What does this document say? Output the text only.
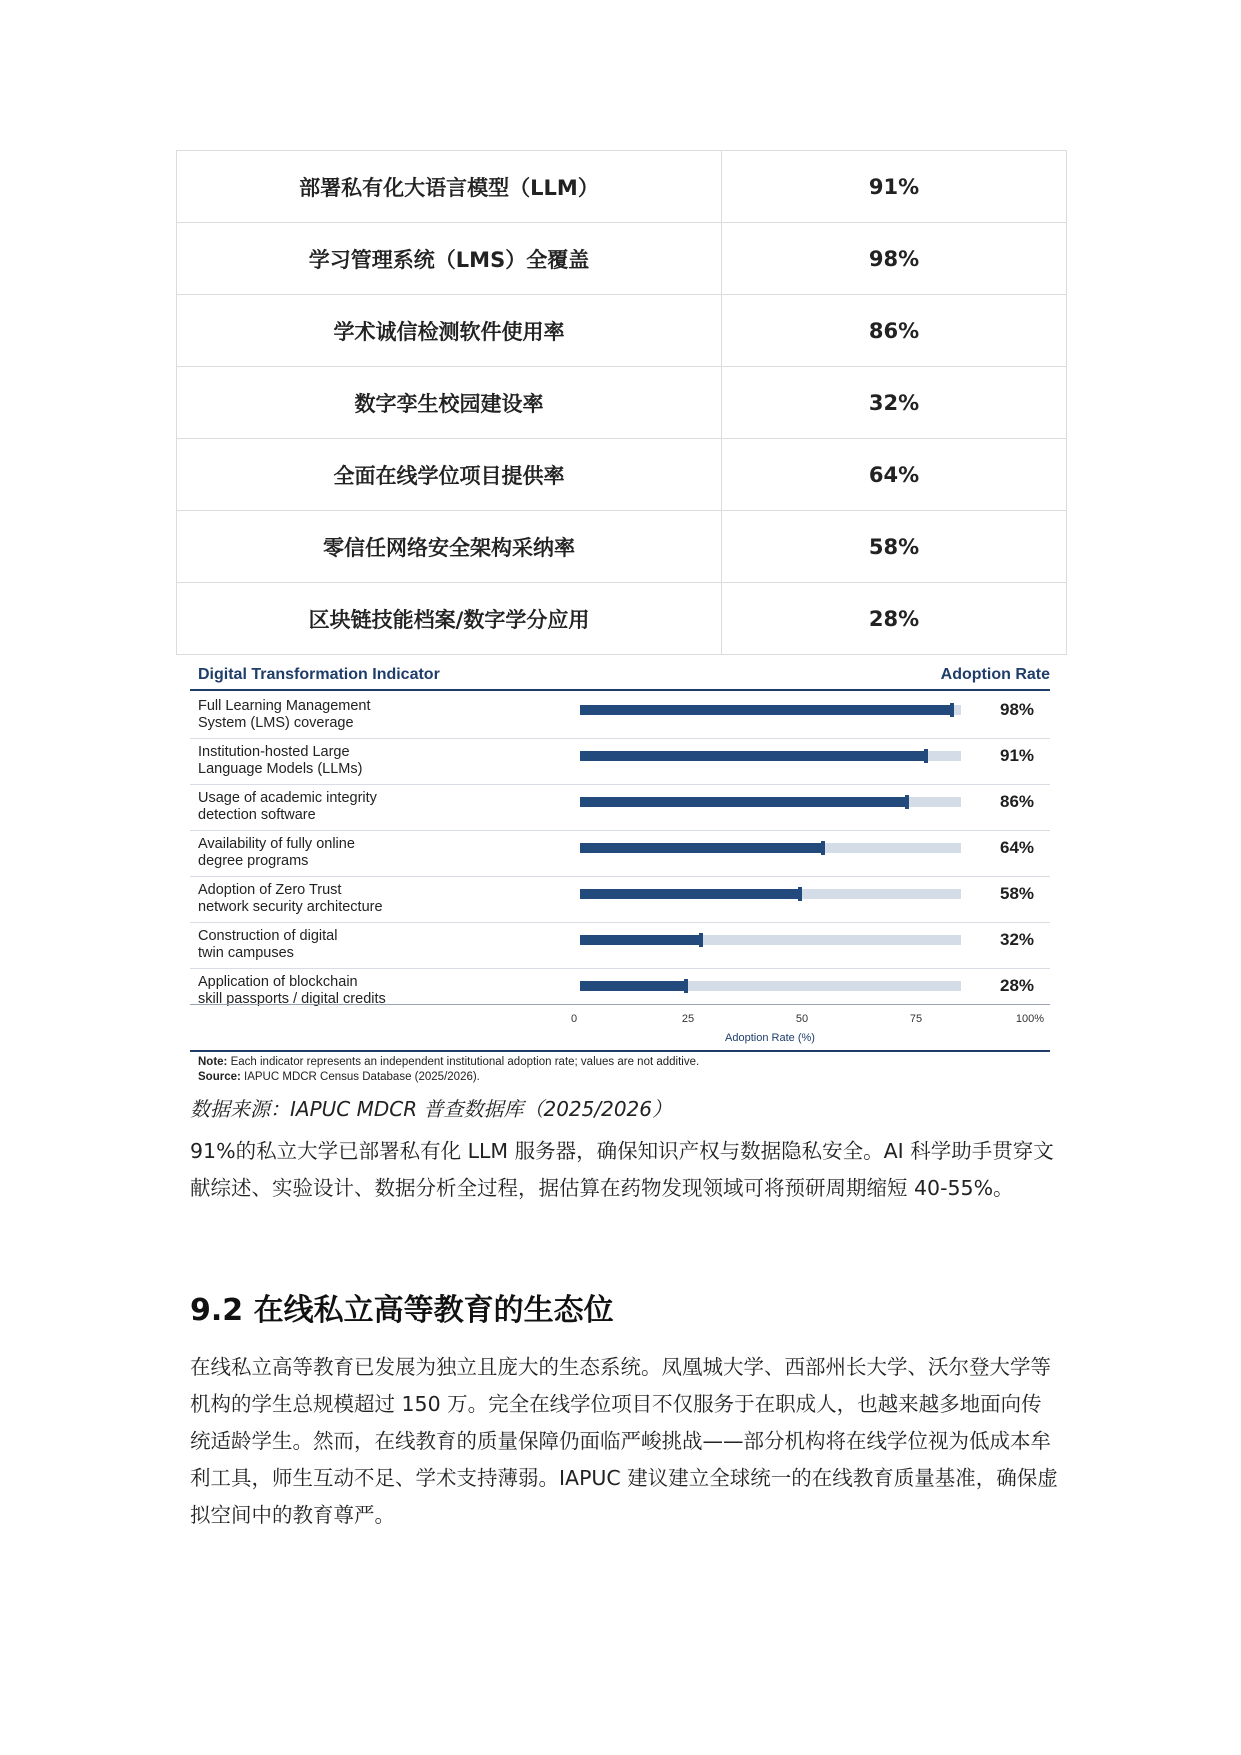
部署私有化大语言模型（LLM）	91%
学习管理系统（LMS）全覆盖	98%
学术诚信检测软件使用率	86%
数字孪生校园建设率	32%
全面在线学位项目提供率	64%
零信任网络安全架构采纳率	58%
区块链技能档案/数字学分应用	28%
Digital Transformation Indicator	Adoption Rate
Full Learning Management
System (LMS) coverage
98%
Institution-hosted Large
Language Models (LLMs)
91%
Usage of academic integrity
detection software
86%
Availability of fully online
degree programs
64%
Adoption of Zero Trust
network security architecture
58%
Construction of digital
twin campuses
32%
Application of blockchain
skill passports / digital credits
28%
0	25	50	75	100%
Adoption Rate (%)
Note: Each indicator represents an independent institutional adoption rate; values are not additive.
Source: IAPUC MDCR Census Database (2025/2026).
数据来源：IAPUC MDCR 普查数据库（2025/2026）

91%的私立大学已部署私有化 LLM 服务器，确保知识产权与数据隐私安全。AI 科学助手贯穿文献综述、实验设计、数据分析全过程，据估算在药物发现领域可将预研周期缩短 40-55%。

9.2 在线私立高等教育的生态位

在线私立高等教育已发展为独立且庞大的生态系统。凤凰城大学、西部州长大学、沃尔登大学等机构的学生总规模超过 150 万。完全在线学位项目不仅服务于在职成人，也越来越多地面向传统适龄学生。然而，在线教育的质量保障仍面临严峻挑战——部分机构将在线学位视为低成本牟利工具，师生互动不足、学术支持薄弱。IAPUC 建议建立全球统一的在线教育质量基准，确保虚拟空间中的教育尊严。
